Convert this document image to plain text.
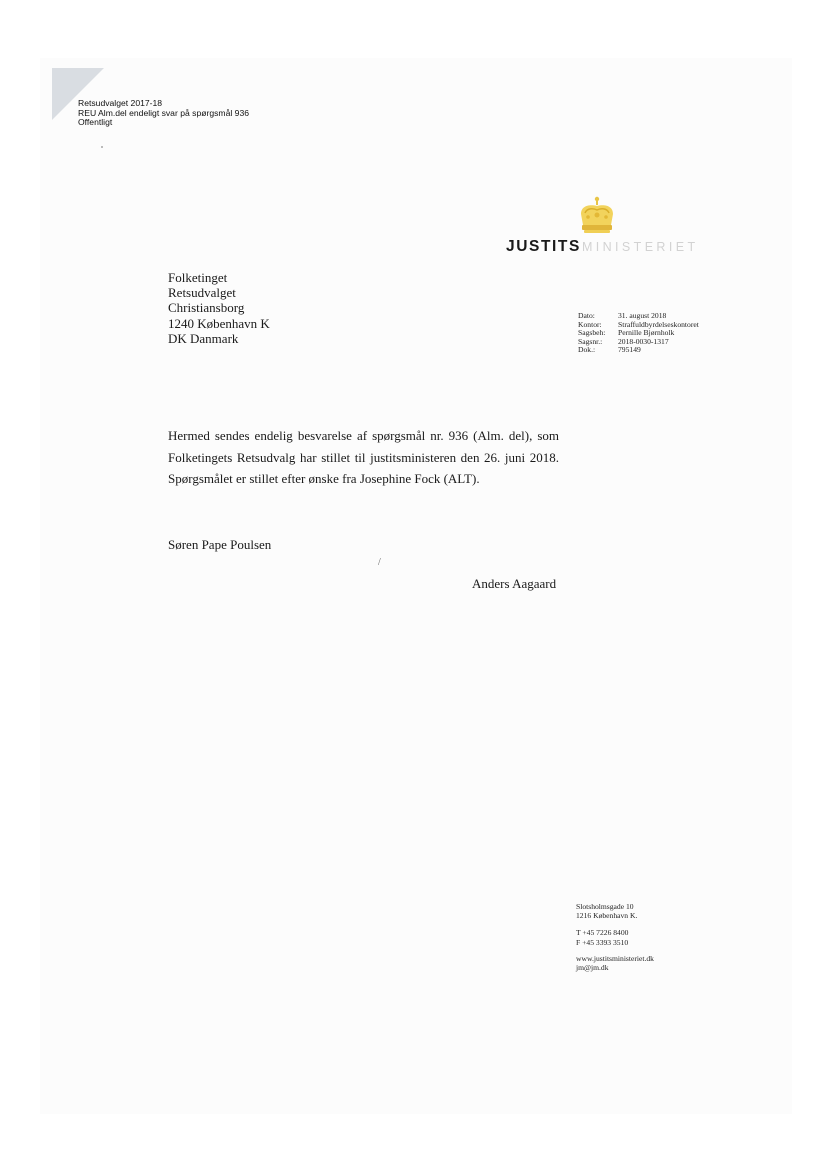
Retsudvalget 2017-18
REU Alm.del endeligt svar på spørgsmål 936
Offentligt
JUSTITSMINISTERIET
Folketinget
Retsudvalget
Christiansborg
1240 København K
DK Danmark
Dato:	31. august 2018
Kontor:	Straffuldbyrdelseskontoret
Sagsbeh:	Pernille Bjørnholk
Sagsnr.:	2018-0030-1317
Dok.:	795149
Hermed sendes endelig besvarelse af spørgsmål nr. 936 (Alm. del), som Folketingets Retsudvalg har stillet til justitsministeren den 26. juni 2018. Spørgsmålet er stillet efter ønske fra Josephine Fock (ALT).
Søren Pape Poulsen
/
Anders Aagaard
Slotsholmsgade 10
1216 København K.
T +45 7226 8400
F +45 3393 3510
www.justitsministeriet.dk
jm@jm.dk
